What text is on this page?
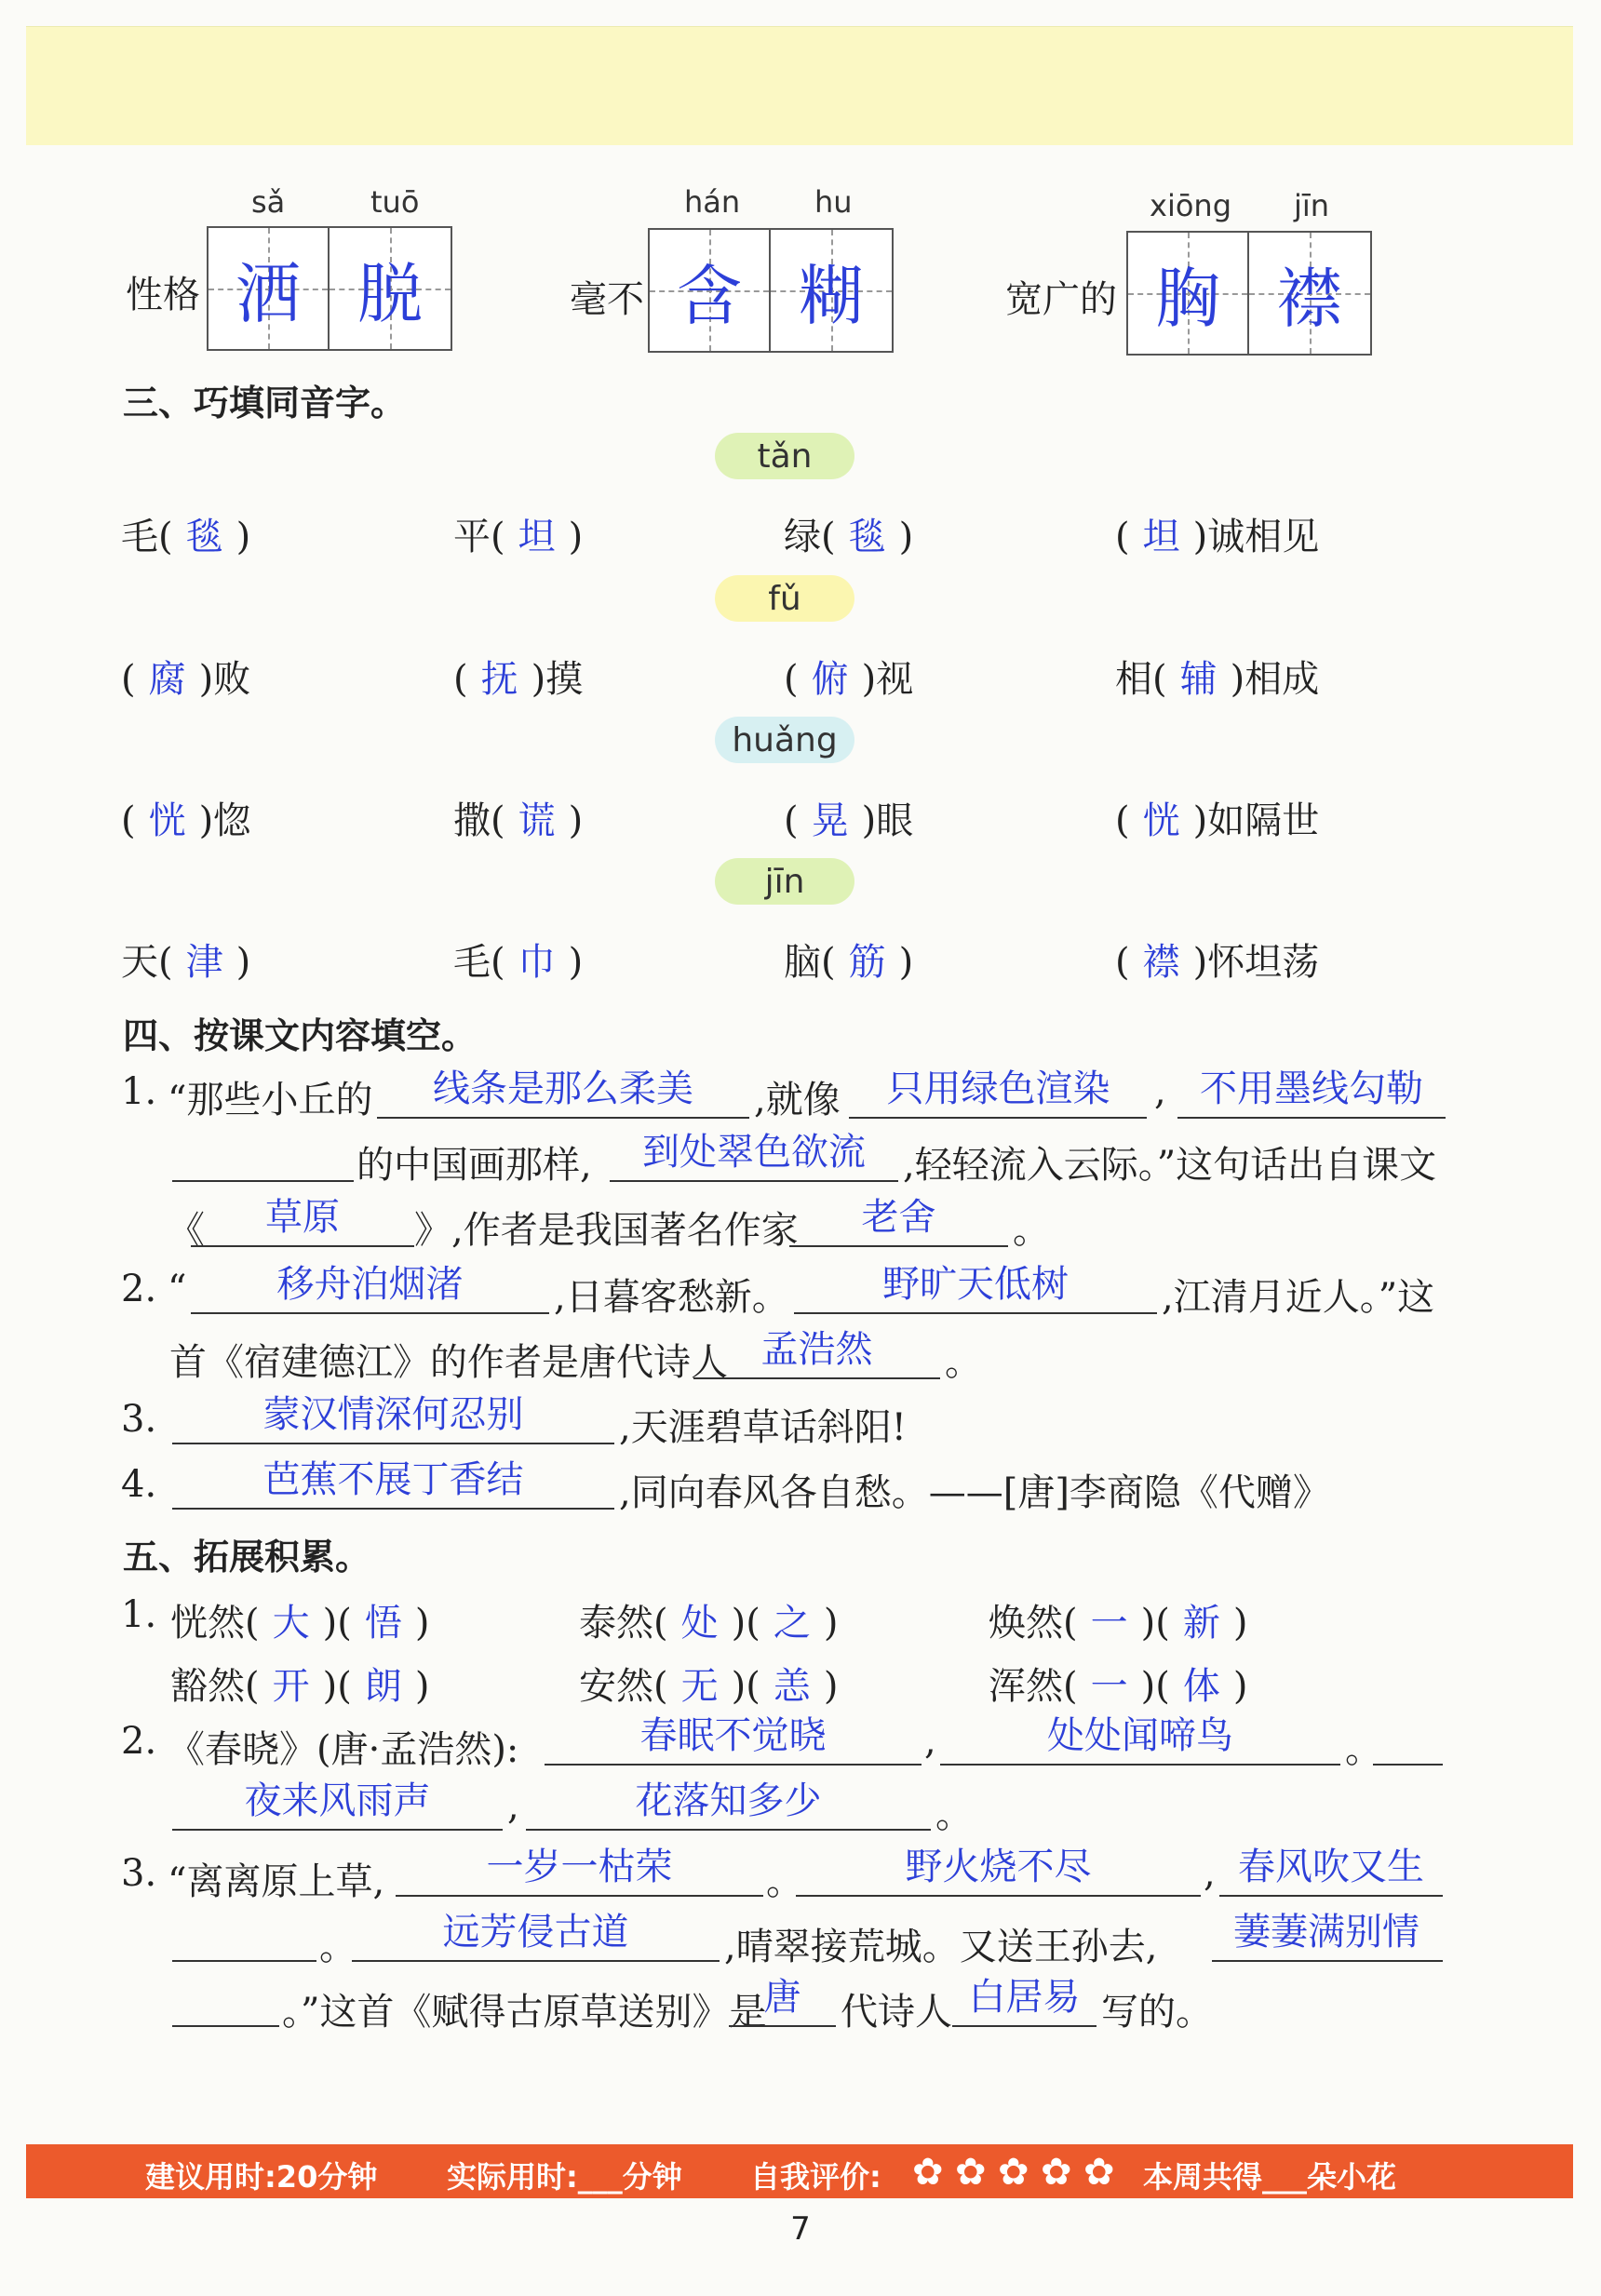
性格
sǎ	tuō
洒 脱	毫不
hán hu
含 糊	宽广的
xiōng jīn
胸 襟
三、巧填同音字。
tǎn
毛( 毯 )	平( 坦 )	绿( 毯 )	( 坦 )诚相见
fǔ
( 腐 )败	( 抚 )摸	( 俯 )视	相( 辅 )相成
huǎng
( 恍 )惚	撒( 谎 )	( 晃 )眼	( 恍 )如隔世
jīn
天( 津 )	毛( 巾 )	脑( 筋 )	( 襟 )怀坦荡
四、按课文内容填空。
1. “那些小丘的	线条是那么柔美	,就像	只用绿色渲染	, 不用墨线勾勒
的中国画那样,	到处翠色欲流	,轻轻流入云际。”这句话出自课文
《	草原	》,作者是我国著名作家	老舍	。
2. “	移舟泊烟渚	,日暮客愁新。	野旷天低树	,江清月近人。”这
首《宿建德江》的作者是唐代诗人 孟浩然	。
3.	蒙汉情深何忍别	,天涯碧草话斜阳!
4.	芭蕉不展丁香结	,同向春风各自愁。——[唐]李商隐《代赠》
五、拓展积累。
1. 恍然( 大 )( 悟 )	泰然( 处 )( 之 )	焕然( 一 )( 新 )
豁然( 开 )( 朗 )	安然( 无 )( 恙 )	浑然( 一 )( 体 )
2. 《春晓》(唐·孟浩然):	春眠不觉晓	,	处处闻啼鸟	。
夜来风雨声	,	花落知多少	。
3. “离离原上草,	一岁一枯荣	。	野火烧不尽	, 春风吹又生
。	远芳侵古道	,晴翠接荒城。又送王孙去,	萋萋满别情
。”这首《赋得古原草送别》是
唐	代诗人 白居易 写的。
建议用时:20分钟 实际用时:___分钟 自我评价: ✿ ✿ ✿ ✿ ✿ 本周共得___朵小花
7
